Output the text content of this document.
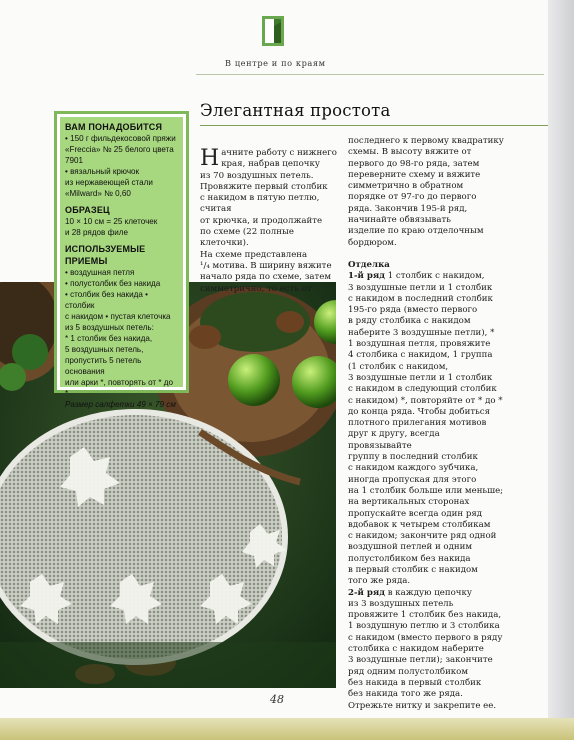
В центре и по краям
Элегантная простота
ВАМ ПОНАДОБИТСЯ

• 150 г фильдекосовой пряжи

«Freccia» № 25 белого цвета

7901

• вязальный крючок

из нержавеющей стали

«Milward» № 0,60

ОБРАЗЕЦ

10 × 10 см = 25 клеточек

и 28 рядов филе

ИСПОЛЬЗУЕМЫЕ ПРИЕМЫ

• воздушная петля

• полустолбик без накида

• столбик без накида • столбик

с накидом • пустая клеточка

из 5 воздушных петель:

* 1 столбик без накида,

5 воздушных петель,

пропустить 5 петель основания

или арки *, повторять от * до *

Размер салфетки 49 × 79 см

Н ачните работу с нижнего

края, набрав цепочку

из 70 воздушных петель.

Провяжите первый столбик

с накидом в пятую петлю, считая

от крючка, и продолжайте

по схеме (22 полные клеточки).

На схеме представлена

¹/₄ мотива. В ширину вяжите

начало ряда по схеме, затем

симметрично, то есть от

последнего к первому квадратику

схемы. В высоту вяжите от

первого до 98-го ряда, затем

переверните схему и вяжите

симметрично в обратном

порядке от 97-го до первого

ряда. Закончив 195-й ряд,

начинайте обвязывать

изделие по краю отделочным

бордюром.

Отделка

1-й ряд 1 столбик с накидом,

3 воздушные петли и 1 столбик

с накидом в последний столбик

195-го ряда (вместо первого

в ряду столбика с накидом

наберите 3 воздушные петли), *

1 воздушная петля, провяжите

4 столбика с накидом, 1 группа

(1 столбик с накидом,

3 воздушные петли и 1 столбик

с накидом в следующий столбик

с накидом) *, повторяйте от * до *

до конца ряда. Чтобы добиться

плотного прилегания мотивов

друг к другу, всегда провязывайте

группу в последний столбик

с накидом каждого зубчика,

иногда пропуская для этого

на 1 столбик больше или меньше;

на вертикальных сторонах

пропускайте всегда один ряд

вдобавок к четырем столбикам

с накидом; закончите ряд одной

воздушной петлей и одним

полустолбиком без накида

в первый столбик с накидом

того же ряда.

2-й ряд в каждую цепочку

из 3 воздушных петель

провяжите 1 столбик без накида,

1 воздушную петлю и 3 столбика

с накидом (вместо первого в ряду

столбика с накидом наберите

3 воздушные петли); закончите

ряд одним полустолбиком

без накида в первый столбик

без накида того же ряда.

Отрежьте нитку и закрепите ее.

48
